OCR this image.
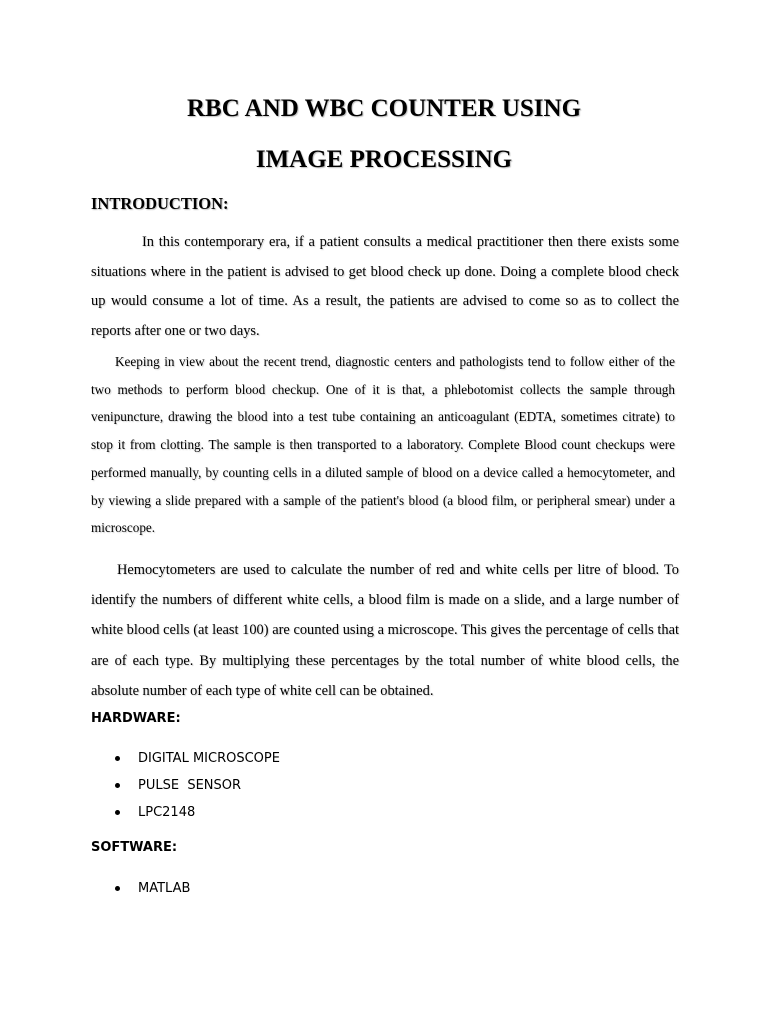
RBC AND WBC COUNTER USING
IMAGE PROCESSING
INTRODUCTION:

In this contemporary era, if a patient consults a medical practitioner then there exists some situations where in the patient is advised to get blood check up done. Doing a complete blood check up would consume a lot of time. As a result, the patients are advised to come so as to collect the reports after one or two days.

Keeping in view about the recent trend, diagnostic centers and pathologists tend to follow either of the two methods to perform blood checkup. One of it is that, a phlebotomist collects the sample through venipuncture, drawing the blood into a test tube containing an anticoagulant (EDTA, sometimes citrate) to stop it from clotting. The sample is then transported to a laboratory. Complete Blood count checkups were performed manually, by counting cells in a diluted sample of blood on a device called a hemocytometer, and by viewing a slide prepared with a sample of the patient's blood (a blood film, or peripheral smear) under a microscope.

Hemocytometers are used to calculate the number of red and white cells per litre of blood. To identify the numbers of different white cells, a blood film is made on a slide, and a large number of white blood cells (at least 100) are counted using a microscope. This gives the percentage of cells that are of each type. By multiplying these percentages by the total number of white blood cells, the absolute number of each type of white cell can be obtained.

HARDWARE:
DIGITAL MICROSCOPE
PULSE  SENSOR
LPC2148
SOFTWARE:
MATLAB
